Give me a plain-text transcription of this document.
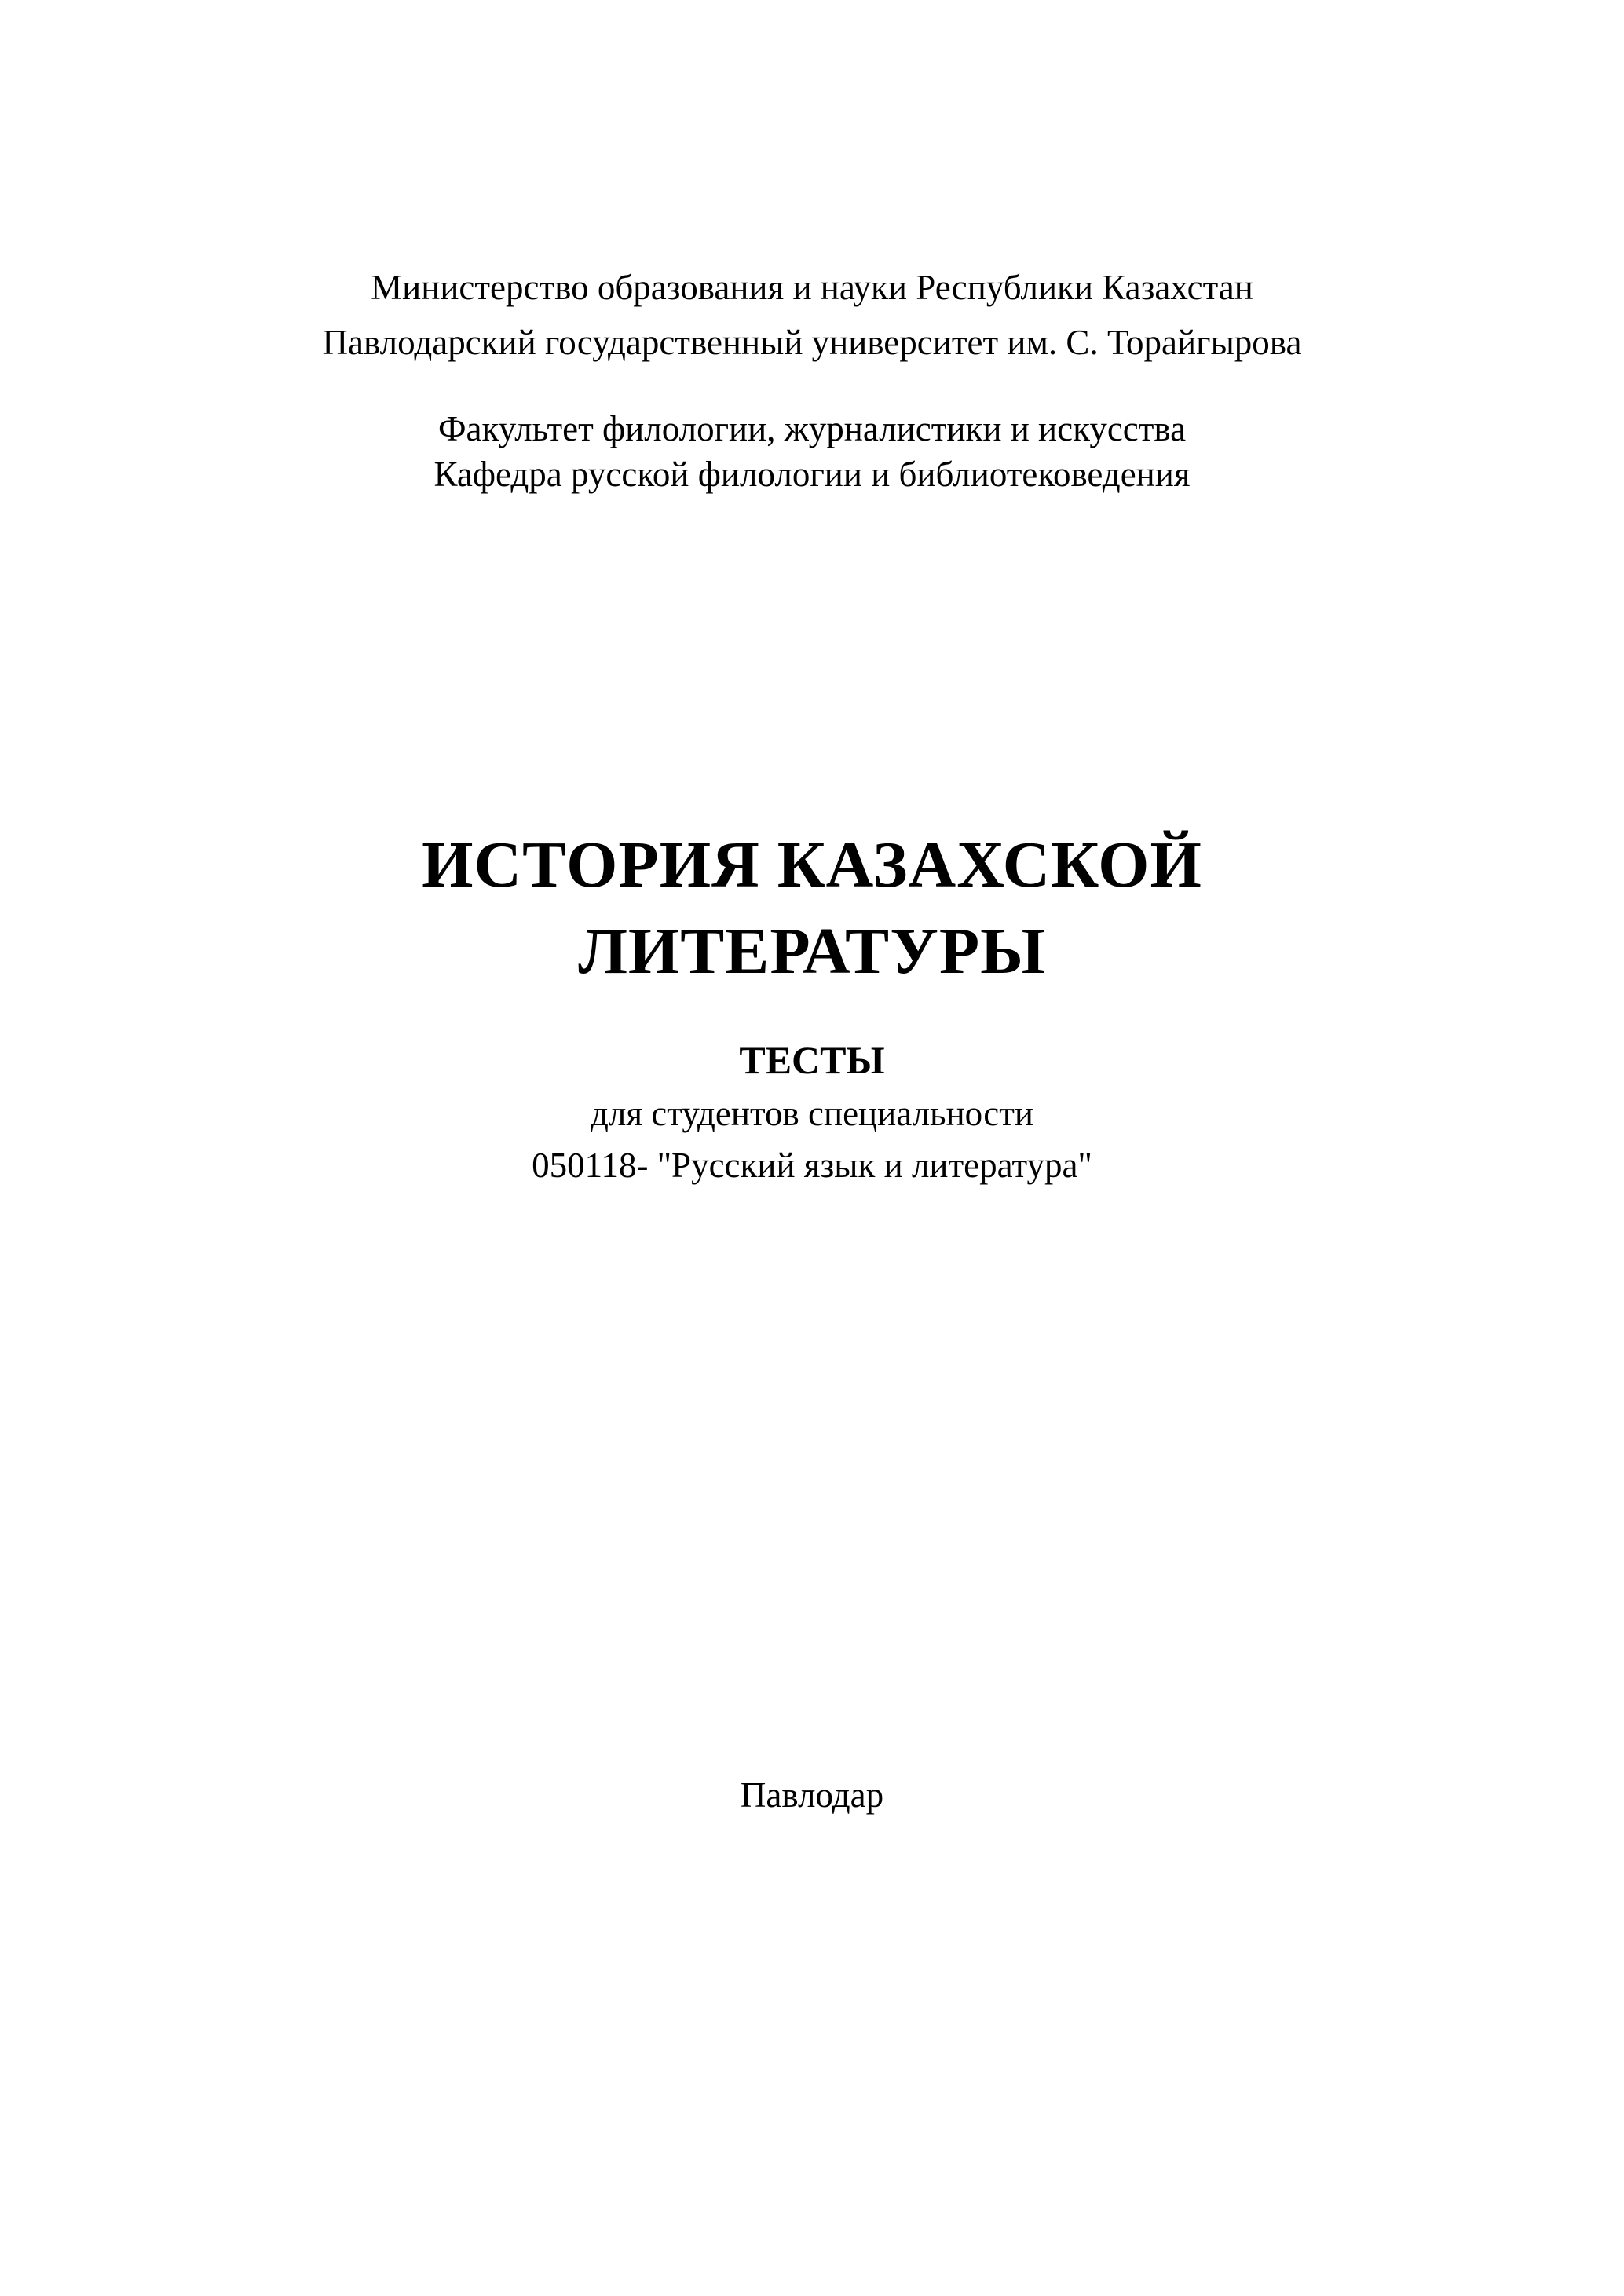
Министерство образования и науки Республики Казахстан
Павлодарский государственный университет им. С. Торайгырова
Факультет филологии, журналистики и искусства
Кафедра русской филологии и библиотековедения
ИСТОРИЯ КАЗАХСКОЙ
ЛИТЕРАТУРЫ
ТЕСТЫ
для студентов специальности
050118- "Русский язык и литература"
Павлодар
